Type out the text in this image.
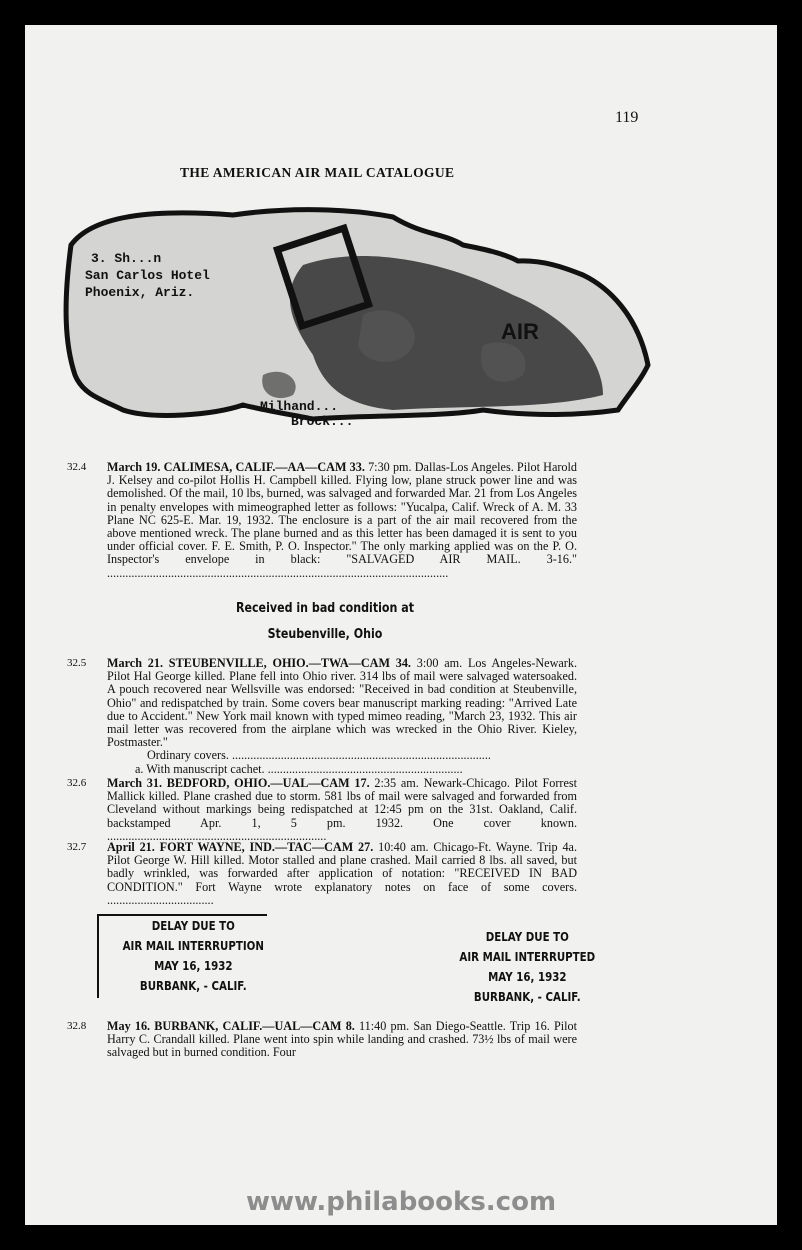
119
THE AMERICAN AIR MAIL CATALOGUE
AIR
3. Sh...n
San Carlos Hotel
Phoenix, Ariz.
Milhand...
Brock...
32.4	March 19. CALIMESA, CALIF.—AA—CAM 33. 7:30 pm. Dallas-Los Angeles. Pilot Harold J. Kelsey and co-pilot Hollis H. Campbell killed. Flying low, plane struck power line and was demolished. Of the mail, 10 lbs, burned, was salvaged and forwarded Mar. 21 from Los Angeles in penalty envelopes with mimeographed letter as follows: "Yucalpa, Calif. Wreck of A. M. 33 Plane NC 625-E. Mar. 19, 1932. The enclosure is a part of the air mail recovered from the above mentioned wreck. The plane burned and as this letter has been damaged it is sent to you under official cover. F. E. Smith, P. O. Inspector." The only marking applied was on the P. O. Inspector's envelope in black: "SALVAGED AIR MAIL. 3-16." ................................................................................................................
Received in bad condition at
Steubenville, Ohio
32.5	March 21. STEUBENVILLE, OHIO.—TWA—CAM 34. 3:00 am. Los Angeles-Newark. Pilot Hal George killed. Plane fell into Ohio river. 314 lbs of mail were salvaged watersoaked. A pouch recovered near Wellsville was endorsed: "Received in bad condition at Steubenville, Ohio" and redispatched by train. Some covers bear manuscript marking reading: "Arrived Late due to Accident." New York mail known with typed mimeo reading, "March 23, 1932. This air mail letter was recovered from the airplane which was wrecked in the Ohio River. Kieley, Postmaster."
Ordinary covers. .....................................................................................
a. With manuscript cachet. ................................................................
32.6	March 31. BEDFORD, OHIO.—UAL—CAM 17. 2:35 am. Newark-Chicago. Pilot Forrest Mallick killed. Plane crashed due to storm. 581 lbs of mail were salvaged and forwarded from Cleveland without markings being redispatched at 12:45 pm on the 31st. Oakland, Calif. backstamped Apr. 1, 5 pm. 1932. One cover known. ........................................................................
32.7	April 21. FORT WAYNE, IND.—TAC—CAM 27. 10:40 am. Chicago-Ft. Wayne. Trip 4a. Pilot George W. Hill killed. Motor stalled and plane crashed. Mail carried 8 lbs. all saved, but badly wrinkled, was forwarded after application of notation: "RECEIVED IN BAD CONDITION." Fort Wayne wrote explanatory notes on face of some covers. ...................................
DELAY DUE TO
AIR MAIL INTERRUPTION
MAY 16, 1932
BURBANK, - CALIF.
DELAY DUE TO
AIR MAIL INTERRUPTED
MAY 16, 1932
BURBANK, - CALIF.
32.8	May 16. BURBANK, CALIF.—UAL—CAM 8. 11:40 pm. San Diego-Seattle. Trip 16. Pilot Harry C. Crandall killed. Plane went into spin while landing and crashed. 73½ lbs of mail were salvaged but in burned condition. Four
www.philabooks.com
